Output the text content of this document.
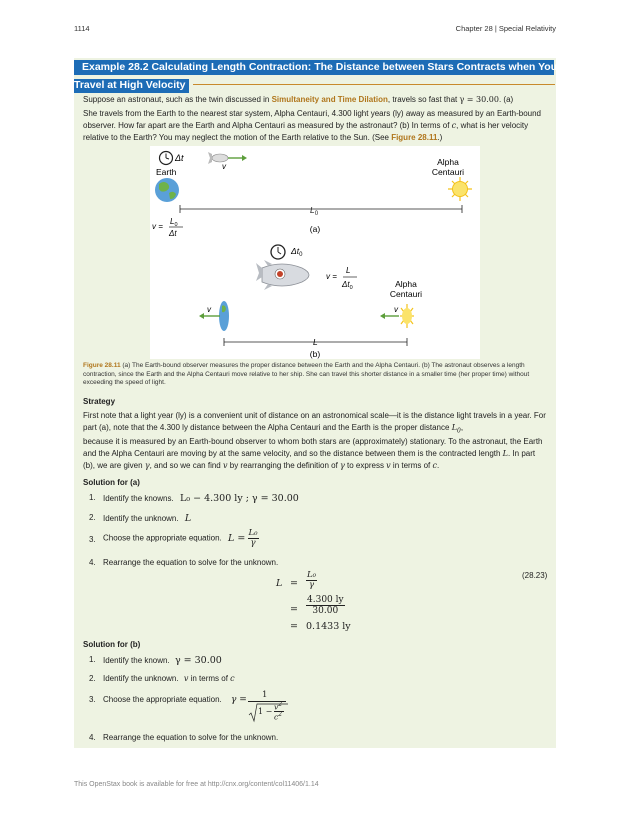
1114	Chapter 28 | Special Relativity
Example 28.2 Calculating Length Contraction: The Distance between Stars Contracts when You
Travel at High Velocity
Suppose an astronaut, such as the twin discussed in Simultaneity and Time Dilation, travels so fast that γ = 30.00. (a)
She travels from the Earth to the nearest star system, Alpha Centauri, 4.300 light years (ly) away as measured by an Earth-bound observer. How far apart are the Earth and Alpha Centauri as measured by the astronaut? (b) In terms of c, what is her velocity relative to the Earth? You may neglect the motion of the Earth relative to the Sun. (See Figure 28.11.)
Δt
Earth
v	Alpha
Centauri
$L_0$
v =
$L_0$
Δt	(a)
$\Delta t_0$
v =
L
$\Delta t_0$	Alpha
Centauri
v	v
L
(b)
Figure 28.11 (a) The Earth-bound observer measures the proper distance between the Earth and the Alpha Centauri. (b) The astronaut observes a length contraction, since the Earth and the Alpha Centauri move relative to her ship. She can travel this shorter distance in a smaller time (her proper time) without exceeding the speed of light.
Strategy
First note that a light year (ly) is a convenient unit of distance on an astronomical scale—it is the distance light travels in a year. For part (a), note that the 4.300 ly distance between the Alpha Centauri and the Earth is the proper distance $L_0$,
because it is measured by an Earth-bound observer to whom both stars are (approximately) stationary. To the astronaut, the Earth and the Alpha Centauri are moving by at the same velocity, and so the distance between them is the contracted length L. In part (b), we are given γ, and so we can find v by rearranging the definition of γ to express v in terms of c.
Solution for (a)
1. Identify the knowns. L₀ − 4.300 ly ; γ = 30.00
2. Identify the unknown. L
3. Choose the appropriate equation. $L = \frac{\text{L₀}}{\gamma}$
4. Rearrange the equation to solve for the unknown.
$L = \frac{\text{L₀}}{\gamma}$	(28.23)
= $\frac{4.300 ly}{30.00}$
= 0.1433 ly
Solution for (b)
1. Identify the known. γ = 30.00
2. Identify the unknown. v in terms of c
3. Choose the appropriate equation. γ = 1
$1 - v^2$
$c^2$
4. Rearrange the equation to solve for the unknown.
This OpenStax book is available for free at http://cnx.org/content/col11406/1.14
